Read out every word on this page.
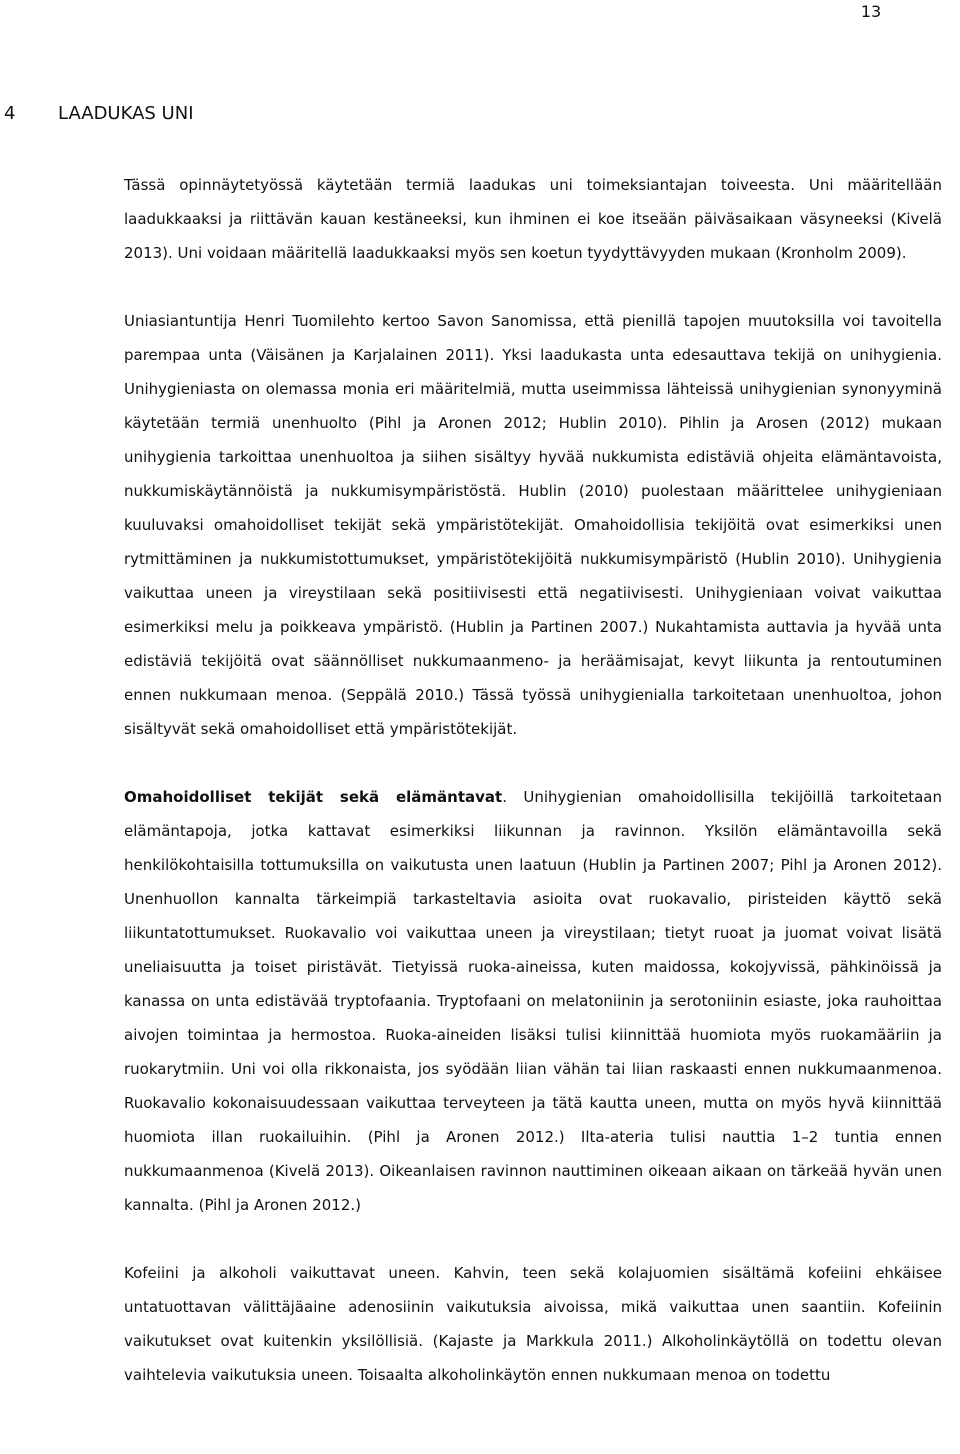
13
4 LAADUKAS UNI

Tässä opinnäytetyössä käytetään termiä laadukas uni toimeksiantajan toiveesta. Uni määritellään laadukkaaksi ja riittävän kauan kestäneeksi, kun ihminen ei koe itseään päiväsaikaan väsyneeksi (Kivelä 2013). Uni voidaan määritellä laadukkaaksi myös sen koetun tyydyttävyyden mukaan (Kronholm 2009).

Uniasiantuntija Henri Tuomilehto kertoo Savon Sanomissa, että pienillä tapojen muutoksilla voi tavoitella parempaa unta (Väisänen ja Karjalainen 2011). Yksi laadukasta unta edesauttava tekijä on unihygienia. Unihygieniasta on olemassa monia eri määritelmiä, mutta useimmissa lähteissä unihygienian synonyyminä käytetään termiä unenhuolto (Pihl ja Aronen 2012; Hublin 2010). Pihlin ja Arosen (2012) mukaan unihygienia tarkoittaa unenhuoltoa ja siihen sisältyy hyvää nukkumista edistäviä ohjeita elämäntavoista, nukkumiskäytännöistä ja nukkumisympäristöstä. Hublin (2010) puolestaan määrittelee unihygieniaan kuuluvaksi omahoidolliset tekijät sekä ympäristötekijät. Omahoidollisia tekijöitä ovat esimerkiksi unen rytmittäminen ja nukkumistottumukset, ympäristötekijöitä nukkumisympäristö (Hublin 2010). Unihygienia vaikuttaa uneen ja vireystilaan sekä positiivisesti että negatiivisesti. Unihygieniaan voivat vaikuttaa esimerkiksi melu ja poikkeava ympäristö. (Hublin ja Partinen 2007.) Nukahtamista auttavia ja hyvää unta edistäviä tekijöitä ovat säännölliset nukkumaanmeno- ja heräämisajat, kevyt liikunta ja rentoutuminen ennen nukkumaan menoa. (Seppälä 2010.) Tässä työssä unihygienialla tarkoitetaan unenhuoltoa, johon sisältyvät sekä omahoidolliset että ympäristötekijät.

Omahoidolliset tekijät sekä elämäntavat. Unihygienian omahoidollisilla tekijöillä tarkoitetaan elämäntapoja, jotka kattavat esimerkiksi liikunnan ja ravinnon. Yksilön elämäntavoilla sekä henkilökohtaisilla tottumuksilla on vaikutusta unen laatuun (Hublin ja Partinen 2007; Pihl ja Aronen 2012). Unenhuollon kannalta tärkeimpiä tarkasteltavia asioita ovat ruokavalio, piristeiden käyttö sekä liikuntatottumukset. Ruokavalio voi vaikuttaa uneen ja vireystilaan; tietyt ruoat ja juomat voivat lisätä uneliaisuutta ja toiset piristävät. Tietyissä ruoka-aineissa, kuten maidossa, kokojyvissä, pähkinöissä ja kanassa on unta edistävää tryptofaania. Tryptofaani on melatoniinin ja serotoniinin esiaste, joka rauhoittaa aivojen toimintaa ja hermostoa. Ruoka-aineiden lisäksi tulisi kiinnittää huomiota myös ruokamääriin ja ruokarytmiin. Uni voi olla rikkonaista, jos syödään liian vähän tai liian raskaasti ennen nukkumaanmenoa. Ruokavalio kokonaisuudessaan vaikuttaa terveyteen ja tätä kautta uneen, mutta on myös hyvä kiinnittää huomiota illan ruokailuihin. (Pihl ja Aronen 2012.) Ilta-ateria tulisi nauttia 1–2 tuntia ennen nukkumaanmenoa (Kivelä 2013). Oikeanlaisen ravinnon nauttiminen oikeaan aikaan on tärkeää hyvän unen kannalta. (Pihl ja Aronen 2012.)

Kofeiini ja alkoholi vaikuttavat uneen. Kahvin, teen sekä kolajuomien sisältämä kofeiini ehkäisee untatuottavan välittäjäaine adenosiinin vaikutuksia aivoissa, mikä vaikuttaa unen saantiin. Kofeiinin vaikutukset ovat kuitenkin yksilöllisiä. (Kajaste ja Markkula 2011.) Alkoholinkäytöllä on todettu olevan vaihtelevia vaikutuksia uneen. Toisaalta alkoholinkäytön ennen nukkumaan menoa on todettu
